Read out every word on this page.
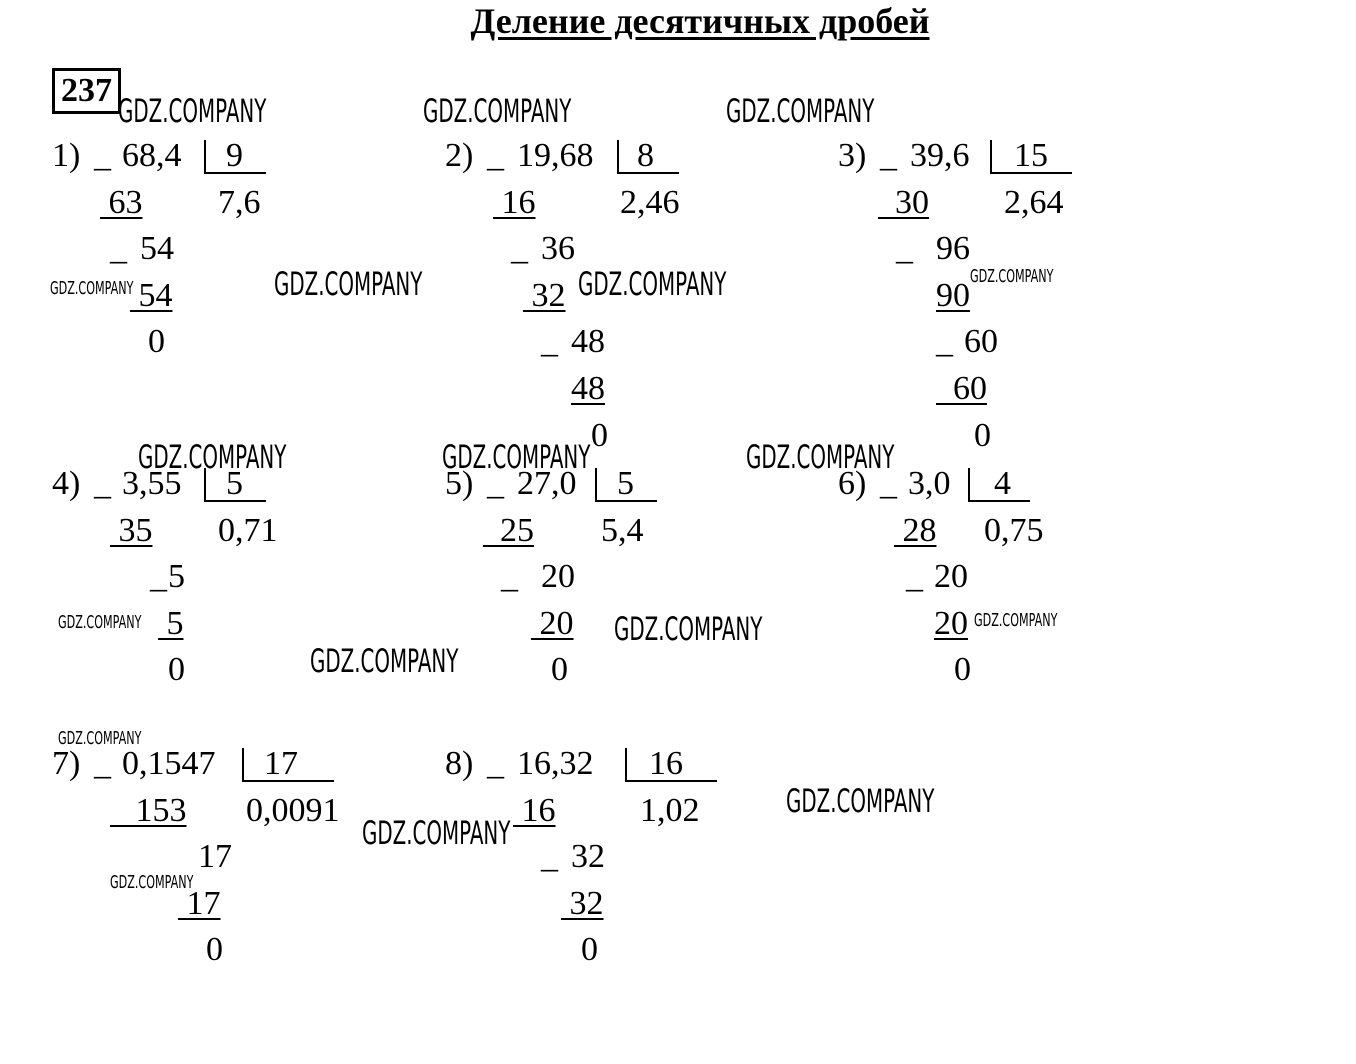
Деление десятичных дробей
237
1) _ 68,4 9
7,6
63
_ 54
54
0
2) _ 19,68 8
2,46
16
_ 36
32
_ 48
48
0
3) _ 39,6 15
2,64
30
_ 96
90
_ 60
60
0
4) _ 3,55 5
0,71
35
_ 5
5
0
5) _ 27,0 5
5,4
25
_ 20
20
0
6) _ 3,0 4
0,75
28
_ 20
20
0
7) _ 0,1547 17
0,0091
153
17
17
0
8) _ 16,32 16
1,02
16
_ 32
32
0
GDZ.COMPANY	GDZ.COMPANY	GDZ.COMPANY
GDZ.COMPANY	GDZ.COMPANY	GDZ.COMPANY	GDZ.COMPANY
GDZ.COMPANY	GDZ.COMPANY	GDZ.COMPANY
GDZ.COMPANY	GDZ.COMPANY	GDZ.COMPANY
GDZ.COMPANY
GDZ.COMPANY
GDZ.COMPANY
GDZ.COMPANY
GDZ.COMPANY
